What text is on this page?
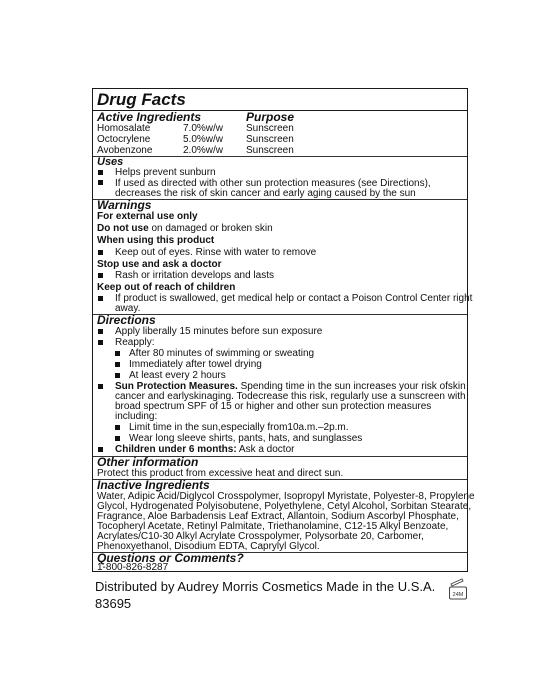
Drug Facts
Active Ingredients	Purpose
Homosalate	7.0%w/w Sunscreen
Octocrylene	5.0%w/w Sunscreen
Avobenzone	2.0%w/w Sunscreen
Uses
Helps prevent sunburn
If used as directed with other sun protection measures (see Directions),
decreases the risk of skin cancer and early aging caused by the sun
Warnings
For external use only
Do not use on damaged or broken skin
When using this product
Keep out of eyes. Rinse with water to remove
Stop use and ask a doctor
Rash or irritation develops and lasts
Keep out of reach of children
If product is swallowed, get medical help or contact a Poison Control Center right
away.
Directions
Apply liberally 15 minutes before sun exposure
Reapply:
After 80 minutes of swimming or sweating
Immediately after towel drying
At least every 2 hours
Sun Protection Measures. Spending time in the sun increases your risk ofskin
cancer and earlyskinaging. Todecrease this risk, regularly use a sunscreen with
broad spectrum SPF of 15 or higher and other sun protection measures
including:
Limit time in the sun,especially from10a.m.–2p.m.
Wear long sleeve shirts, pants, hats, and sunglasses
Children under 6 months: Ask a doctor
Other information
Protect this product from excessive heat and direct sun.
Inactive Ingredients
Water, Adipic Acid/Diglycol Crosspolymer, Isopropyl Myristate, Polyester-8, Propylene
Glycol, Hydrogenated Polyisobutene, Polyethylene, Cetyl Alcohol, Sorbitan Stearate,
Fragrance, Aloe Barbadensis Leaf Extract, Allantoin, Sodium Ascorbyl Phosphate,
Tocopheryl Acetate, Retinyl Palmitate, Triethanolamine, C12-15 Alkyl Benzoate,
Acrylates/C10-30 Alkyl Acrylate Crosspolymer, Polysorbate 20, Carbomer,
Phenoxyethanol, Disodium EDTA, Caprylyl Glycol.
Questions or Comments?
1-800-826-8287
Distributed by Audrey Morris Cosmetics Made in the U.S.A.
83695
24M
